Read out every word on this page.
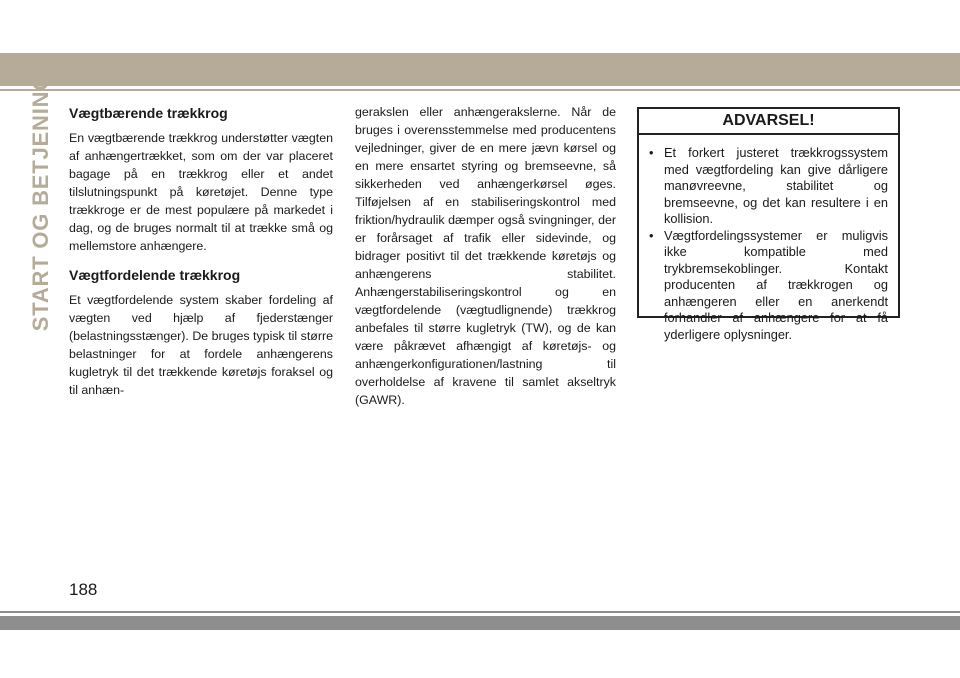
START OG BETJENING Vægtbærende trækkrog

En vægtbærende trækkrog understøtter vægten af anhængertrækket, som om der var placeret bagage på en trækkrog eller et andet tilslutningspunkt på køretøjet. Denne type trækkroge er de mest populære på markedet i dag, og de bruges normalt til at trække små og mellemstore anhængere.

Vægtfordelende trækkrog

Et vægtfordelende system skaber fordeling af vægten ved hjælp af fjederstænger (belastningsstænger). De bruges typisk til større belastninger for at fordele anhængerens kugletryk til det trækkende køretøjs foraksel og til anhæn-

gerakslen eller anhængerakslerne. Når de bruges i overensstemmelse med producentens vejledninger, giver de en mere jævn kørsel og en mere ensartet styring og bremseevne, så sikkerheden ved anhængerkørsel øges. Tilføjelsen af en stabiliseringskontrol med friktion/hydraulik dæmper også svingninger, der er forårsaget af trafik eller sidevinde, og bidrager positivt til det trækkende køretøjs og anhængerens stabilitet. Anhængerstabiliseringskontrol og en vægtfordelende (vægtudlignende) trækkrog anbefales til større kugletryk (TW), og de kan være påkrævet afhængigt af køretøjs- og anhængerkonfigurationen/lastning til overholdelse af kravene til samlet akseltryk (GAWR).

ADVARSEL!
• Et forkert justeret trækkrogssystem med vægtfordeling kan give dårligere manøvreevne, stabilitet og bremseevne, og det kan resultere i en kollision.
• Vægtfordelingssystemer er muligvis ikke kompatible med trykbremsekoblinger. Kontakt producenten af trækkrogen og anhængeren eller en anerkendt forhandler af anhængere for at få yderligere oplysninger.
188
